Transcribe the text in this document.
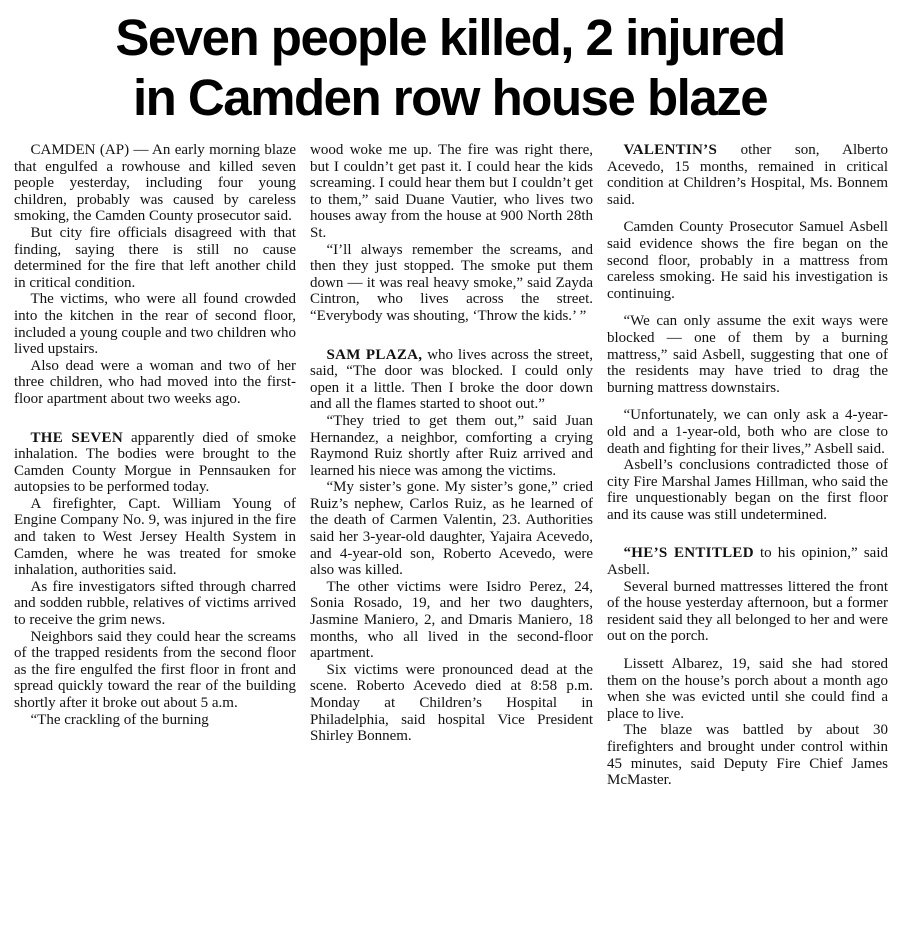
Seven people killed, 2 injured
in Camden row house blaze

CAMDEN (AP) — An early morning blaze that engulfed a rowhouse and killed seven people yesterday, including four young children, probably was caused by careless smoking, the Camden County prosecutor said.

But city fire officials disagreed with that finding, saying there is still no cause determined for the fire that left another child in critical condition.

The victims, who were all found crowded into the kitchen in the rear of second floor, included a young couple and two children who lived upstairs.

Also dead were a woman and two of her three children, who had moved into the first-floor apartment about two weeks ago.

THE SEVEN apparently died of smoke inhalation. The bodies were brought to the Camden County Morgue in Pennsauken for autopsies to be performed today.

A firefighter, Capt. William Young of Engine Company No. 9, was injured in the fire and taken to West Jersey Health System in Camden, where he was treated for smoke inhalation, authorities said.

As fire investigators sifted through charred and sodden rubble, relatives of victims arrived to receive the grim news.

Neighbors said they could hear the screams of the trapped residents from the second floor as the fire engulfed the first floor in front and spread quickly toward the rear of the building shortly after it broke out about 5 a.m.

“The crackling of the burning

wood woke me up. The fire was right there, but I couldn’t get past it. I could hear the kids screaming. I could hear them but I couldn’t get to them,” said Duane Vautier, who lives two houses away from the house at 900 North 28th St.

“I’ll always remember the screams, and then they just stopped. The smoke put them down — it was real heavy smoke,” said Zayda Cintron, who lives across the street. “Everybody was shouting, ‘Throw the kids.’ ”

SAM PLAZA, who lives across the street, said, “The door was blocked. I could only open it a little. Then I broke the door down and all the flames started to shoot out.”

“They tried to get them out,” said Juan Hernandez, a neighbor, comforting a crying Raymond Ruiz shortly after Ruiz arrived and learned his niece was among the victims.

“My sister’s gone. My sister’s gone,” cried Ruiz’s nephew, Carlos Ruiz, as he learned of the death of Carmen Valentin, 23. Authorities said her 3-year-old daughter, Yajaira Acevedo, and 4-year-old son, Roberto Acevedo, were also was killed.

The other victims were Isidro Perez, 24, Sonia Rosado, 19, and her two daughters, Jasmine Maniero, 2, and Dmaris Maniero, 18 months, who all lived in the second-floor apartment.

Six victims were pronounced dead at the scene. Roberto Acevedo died at 8:58 p.m. Monday at Children’s Hospital in Philadelphia, said hospital Vice President Shirley Bonnem.

VALENTIN’S other son, Alberto Acevedo, 15 months, remained in critical condition at Children’s Hospital, Ms. Bonnem said.

Camden County Prosecutor Samuel Asbell said evidence shows the fire began on the second floor, probably in a mattress from careless smoking. He said his investigation is continuing.

“We can only assume the exit ways were blocked — one of them by a burning mattress,” said Asbell, suggesting that one of the residents may have tried to drag the burning mattress downstairs.

“Unfortunately, we can only ask a 4-year-old and a 1-year-old, both who are close to death and fighting for their lives,” Asbell said.

Asbell’s conclusions contradicted those of city Fire Marshal James Hillman, who said the fire unquestionably began on the first floor and its cause was still undetermined.

“HE’S ENTITLED to his opinion,” said Asbell.

Several burned mattresses littered the front of the house yesterday afternoon, but a former resident said they all belonged to her and were out on the porch.

Lissett Albarez, 19, said she had stored them on the house’s porch about a month ago when she was evicted until she could find a place to live.

The blaze was battled by about 30 firefighters and brought under control within 45 minutes, said Deputy Fire Chief James McMaster.
